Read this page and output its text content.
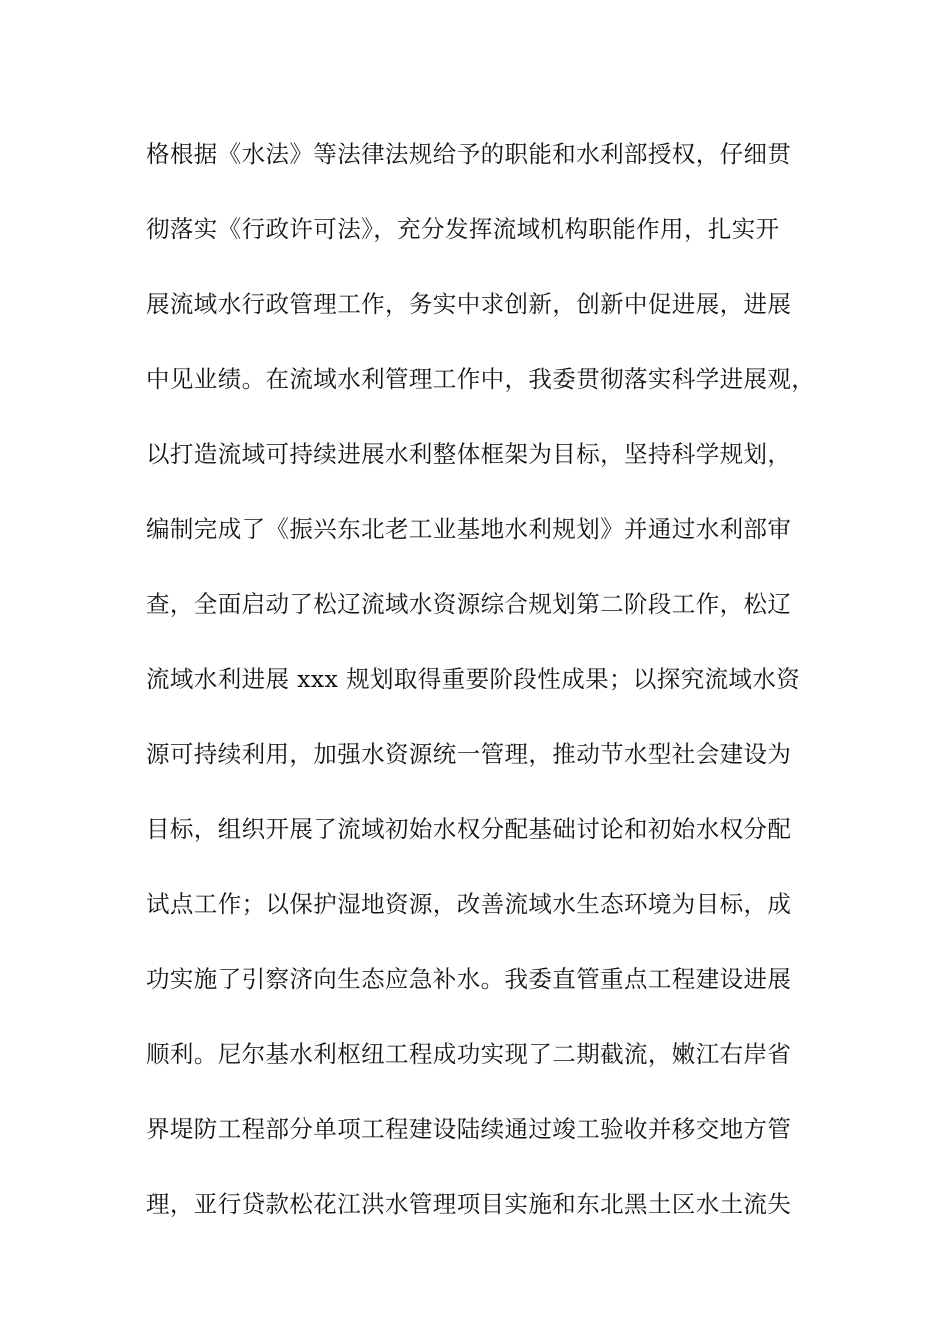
格根据《水法》等法律法规给予的职能和水利部授权，仔细贯
彻落实《行政许可法》，充分发挥流域机构职能作用，扎实开
展流域水行政管理工作，务实中求创新，创新中促进展，进展
中见业绩。在流域水利管理工作中，我委贯彻落实科学进展观，
以打造流域可持续进展水利整体框架为目标，坚持科学规划，
编制完成了《振兴东北老工业基地水利规划》并通过水利部审
查，全面启动了松辽流域水资源综合规划第二阶段工作，松辽
流域水利进展 xxx 规划取得重要阶段性成果；以探究流域水资
源可持续利用，加强水资源统一管理，推动节水型社会建设为
目标，组织开展了流域初始水权分配基础讨论和初始水权分配
试点工作；以保护湿地资源，改善流域水生态环境为目标，成
功实施了引察济向生态应急补水。我委直管重点工程建设进展
顺利。尼尔基水利枢纽工程成功实现了二期截流，嫩江右岸省
界堤防工程部分单项工程建设陆续通过竣工验收并移交地方管
理，亚行贷款松花江洪水管理项目实施和东北黑土区水土流失
